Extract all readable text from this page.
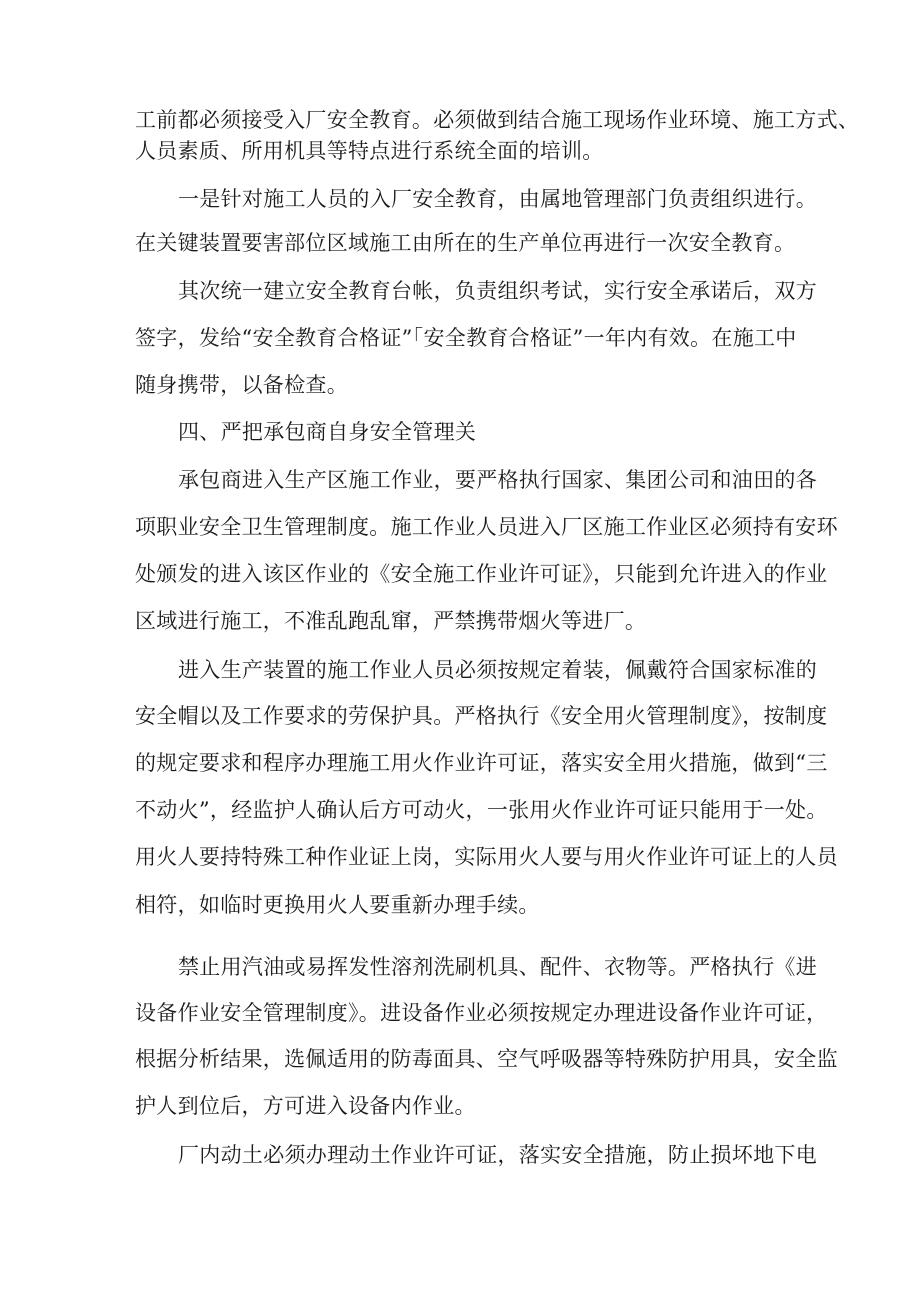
工前都必须接受入厂安全教育。必须做到结合施工现场作业环境、施工方式、
人员素质、所用机具等特点进行系统全面的培训。
一是针对施工人员的入厂安全教育，由属地管理部门负责组织进行。
在关键装置要害部位区域施工由所在的生产单位再进行一次安全教育。
其次统一建立安全教育台帐，负责组织考试，实行安全承诺后，双方
签字，发给“安全教育合格证”「安全教育合格证”一年内有效。在施工中
随身携带，以备检查。
四、严把承包商自身安全管理关
承包商进入生产区施工作业，要严格执行国家、集团公司和油田的各
项职业安全卫生管理制度。施工作业人员进入厂区施工作业区必须持有安环
处颁发的进入该区作业的《安全施工作业许可证》，只能到允许进入的作业
区域进行施工，不准乱跑乱窜，严禁携带烟火等进厂。
进入生产装置的施工作业人员必须按规定着装，佩戴符合国家标准的
安全帽以及工作要求的劳保护具。严格执行《安全用火管理制度》，按制度
的规定要求和程序办理施工用火作业许可证，落实安全用火措施，做到“三
不动火”，经监护人确认后方可动火，一张用火作业许可证只能用于一处。
用火人要持特殊工种作业证上岗，实际用火人要与用火作业许可证上的人员
相符，如临时更换用火人要重新办理手续。
禁止用汽油或易挥发性溶剂洗刷机具、配件、衣物等。严格执行《进
设备作业安全管理制度》。进设备作业必须按规定办理进设备作业许可证，
根据分析结果，选佩适用的防毒面具、空气呼吸器等特殊防护用具，安全监
护人到位后，方可进入设备内作业。
厂内动土必须办理动土作业许可证，落实安全措施，防止损坏地下电
